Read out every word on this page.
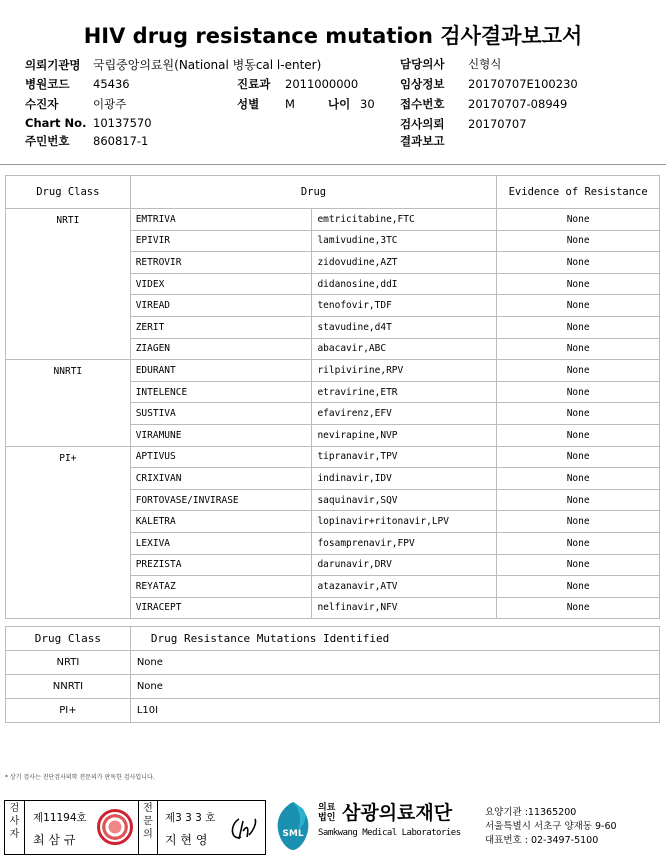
HIV drug resistance mutation 검사결과보고서
의뢰기관명 국립중앙의료원(National 병동cal l-enter)	담당의사 신형식
병원코드 45436	진료과 2011000000	임상정보 20170707E100230
수진자	이광주	성별 M	나이 30 접수번호 20170707-08949
Chart No. 10137570	검사의뢰 20170707
주민번호 860817-1	결과보고
Drug Class	Drug		Evidence of Resistance
NRTI	EMTRIVA	emtricitabine,FTC	None
	EPIVIR	lamivudine,3TC	None
	RETROVIR	zidovudine,AZT	None
	VIDEX	didanosine,ddI	None
	VIREAD	tenofovir,TDF	None
	ZERIT	stavudine,d4T	None
	ZIAGEN	abacavir,ABC	None
NNRTI	EDURANT	rilpivirine,RPV	None
	INTELENCE	etravirine,ETR	None
	SUSTIVA	efavirenz,EFV	None
	VIRAMUNE	nevirapine,NVP	None
PI+	APTIVUS	tipranavir,TPV	None
	CRIXIVAN	indinavir,IDV	None
	FORTOVASE/INVIRASE	saquinavir,SQV	None
	KALETRA	lopinavir+ritonavir,LPV	None
	LEXIVA	fosamprenavir,FPV	None
	PREZISTA	darunavir,DRV	None
	REYATAZ	atazanavir,ATV	None
	VIRACEPT	nelfinavir,NFV	None
Drug Class	Drug Resistance Mutations Identified
NRTI	None
NNRTI	None
PI+	L10I
* 상기 검사는 진단검사의학 전문의가 판독한 검사입니다.
검사자
제11194호
최 삼 규
전문의
제3 3 3 호
지 현 영	SML
의료법인 삼광의료재단
Samkwang Medical Laboratories
요양기관 :11365200
서울특별시 서초구 양재동 9-60
대표번호 : 02-3497-5100
